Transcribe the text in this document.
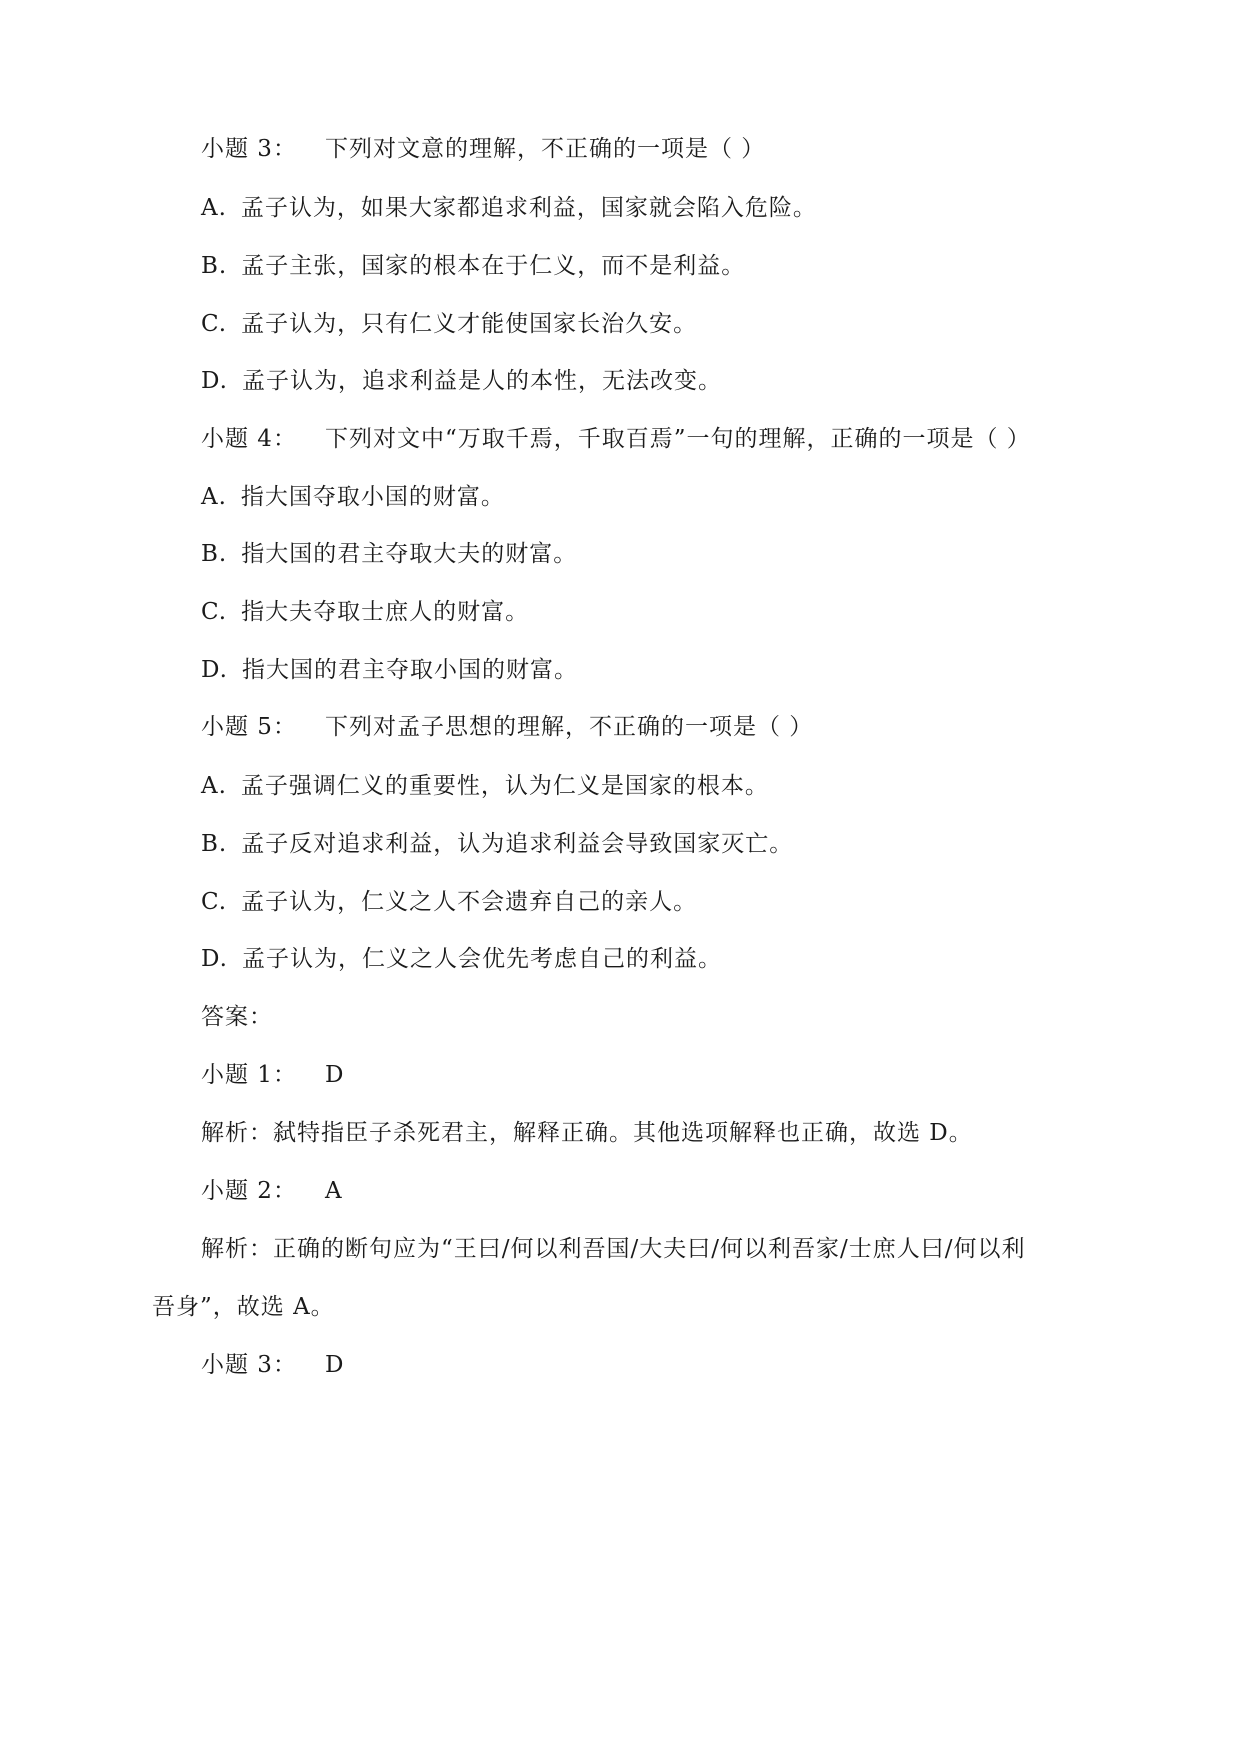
小题 3： 下列对文意的理解，不正确的一项是（ ）
A. 孟子认为，如果大家都追求利益，国家就会陷入危险。
B. 孟子主张，国家的根本在于仁义，而不是利益。
C. 孟子认为，只有仁义才能使国家长治久安。
D. 孟子认为，追求利益是人的本性，无法改变。
小题 4： 下列对文中“万取千焉，千取百焉”一句的理解，正确的一项是（ ）
A. 指大国夺取小国的财富。
B. 指大国的君主夺取大夫的财富。
C. 指大夫夺取士庶人的财富。
D. 指大国的君主夺取小国的财富。
小题 5： 下列对孟子思想的理解，不正确的一项是（ ）
A. 孟子强调仁义的重要性，认为仁义是国家的根本。
B. 孟子反对追求利益，认为追求利益会导致国家灭亡。
C. 孟子认为，仁义之人不会遗弃自己的亲人。
D. 孟子认为，仁义之人会优先考虑自己的利益。
答案：
小题 1： D
解析：弑特指臣子杀死君主，解释正确。其他选项解释也正确，故选 D。
小题 2： A
解析：正确的断句应为“王曰/何以利吾国/大夫曰/何以利吾家/士庶人曰/何以利
吾身”，故选 A。
小题 3： D
